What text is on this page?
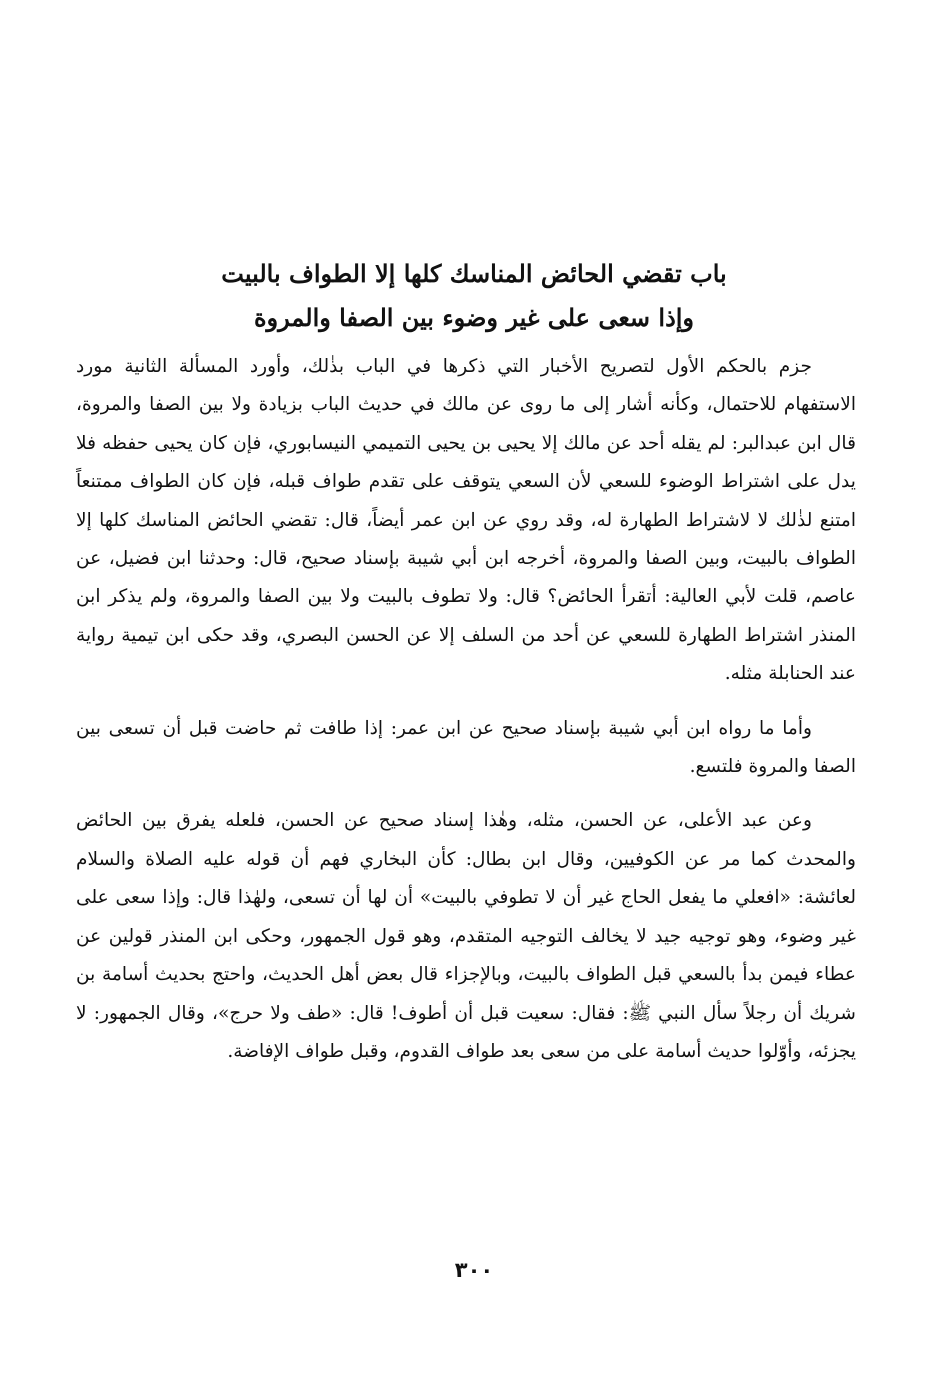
باب تقضي الحائض المناسك كلها إلا الطواف بالبيت

وإذا سعى على غير وضوء بين الصفا والمروة

جزم بالحكم الأول لتصريح الأخبار التي ذكرها في الباب بذٰلك، وأورد المسألة الثانية مورد الاستفهام للاحتمال، وكأنه أشار إلى ما روى عن مالك في حديث الباب بزيادة ولا بين الصفا والمروة، قال ابن عبدالبر: لم يقله أحد عن مالك إلا يحيى بن يحيى التميمي النيسابوري، فإن كان يحيى حفظه فلا يدل على اشتراط الوضوء للسعي لأن السعي يتوقف على تقدم طواف قبله، فإن كان الطواف ممتنعاً امتنع لذٰلك لا لاشتراط الطهارة له، وقد روي عن ابن عمر أيضاً، قال: تقضي الحائض المناسك كلها إلا الطواف بالبيت، وبين الصفا والمروة، أخرجه ابن أبي شيبة بإسناد صحيح، قال: وحدثنا ابن فضيل، عن عاصم، قلت لأبي العالية: أتقرأ الحائض؟ قال: ولا تطوف بالبيت ولا بين الصفا والمروة، ولم يذكر ابن المنذر اشتراط الطهارة للسعي عن أحد من السلف إلا عن الحسن البصري، وقد حكى ابن تيمية رواية عند الحنابلة مثله.

وأما ما رواه ابن أبي شيبة بإسناد صحيح عن ابن عمر: إذا طافت ثم حاضت قبل أن تسعى بين الصفا والمروة فلتسع.

وعن عبد الأعلى، عن الحسن، مثله، وهٰذا إسناد صحيح عن الحسن، فلعله يفرق بين الحائض والمحدث كما مر عن الكوفيين، وقال ابن بطال: كأن البخاري فهم أن قوله عليه الصلاة والسلام لعائشة: «افعلي ما يفعل الحاج غير أن لا تطوفي بالبيت» أن لها أن تسعى، ولهٰذا قال: وإذا سعى على غير وضوء، وهو توجيه جيد لا يخالف التوجيه المتقدم، وهو قول الجمهور، وحكى ابن المنذر قولين عن عطاء فيمن بدأ بالسعي قبل الطواف بالبيت، وبالإجزاء قال بعض أهل الحديث، واحتج بحديث أسامة بن شريك أن رجلاً سأل النبي ﷺ: فقال: سعيت قبل أن أطوف! قال: «طف ولا حرج»، وقال الجمهور: لا يجزئه، وأوّلوا حديث أسامة على من سعى بعد طواف القدوم، وقبل طواف الإفاضة.

٣٠٠
